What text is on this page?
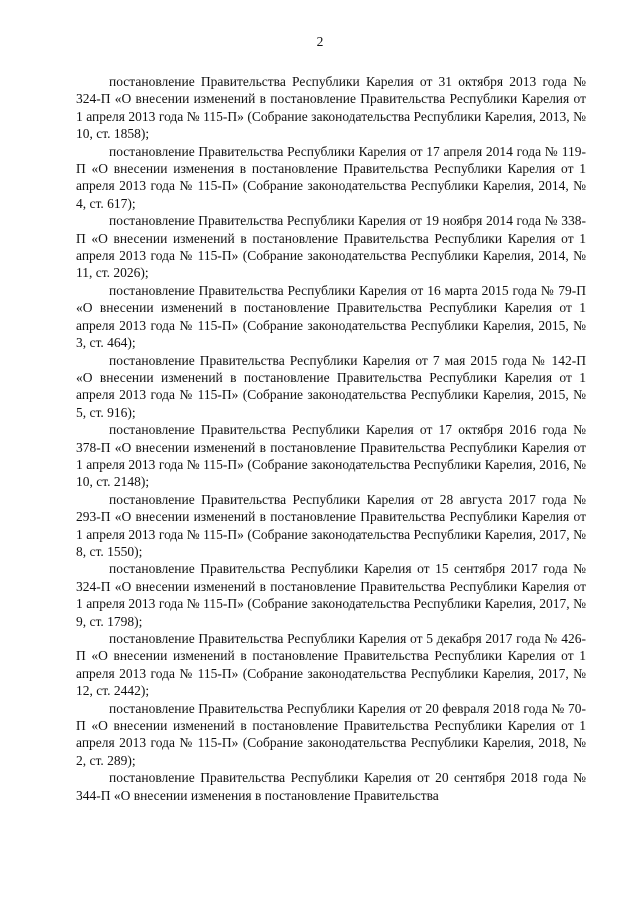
2

постановление Правительства Республики Карелия от 31 октября 2013 года № 324-П «О внесении изменений в постановление Правительства Республики Карелия от 1 апреля 2013 года № 115-П» (Собрание законодательства Республики Карелия, 2013, № 10, ст. 1858);

постановление Правительства Республики Карелия от 17 апреля 2014 года № 119-П «О внесении изменения в постановление Правительства Республики Карелия от 1 апреля 2013 года № 115-П» (Собрание законодательства Республики Карелия, 2014, № 4, ст. 617);

постановление Правительства Республики Карелия от 19 ноября 2014 года № 338-П «О внесении изменений в постановление Правительства Республики Карелия от 1 апреля 2013 года № 115-П» (Собрание законодательства Республики Карелия, 2014, № 11, ст. 2026);

постановление Правительства Республики Карелия от 16 марта 2015 года № 79-П «О внесении изменений в постановление Правительства Республики Карелия от 1 апреля 2013 года № 115-П» (Собрание законодательства Республики Карелия, 2015, № 3, ст. 464);

постановление Правительства Республики Карелия от 7 мая 2015 года № 142-П «О внесении изменений в постановление Правительства Республики Карелия от 1 апреля 2013 года № 115-П» (Собрание законодательства Республики Карелия, 2015, № 5, ст. 916);

постановление Правительства Республики Карелия от 17 октября 2016 года № 378-П «О внесении изменений в постановление Правительства Республики Карелия от 1 апреля 2013 года № 115-П» (Собрание законодательства Республики Карелия, 2016, № 10, ст. 2148);

постановление Правительства Республики Карелия от 28 августа 2017 года № 293-П «О внесении изменений в постановление Правительства Республики Карелия от 1 апреля 2013 года № 115-П» (Собрание законодательства Республики Карелия, 2017, № 8, ст. 1550);

постановление Правительства Республики Карелия от 15 сентября 2017 года № 324-П «О внесении изменений в постановление Правительства Республики Карелия от 1 апреля 2013 года № 115-П» (Собрание законодательства Республики Карелия, 2017, № 9, ст. 1798);

постановление Правительства Республики Карелия от 5 декабря 2017 года № 426-П «О внесении изменений в постановление Правительства Республики Карелия от 1 апреля 2013 года № 115-П» (Собрание законодательства Республики Карелия, 2017, № 12, ст. 2442);

постановление Правительства Республики Карелия от 20 февраля 2018 года № 70-П «О внесении изменений в постановление Правительства Республики Карелия от 1 апреля 2013 года № 115-П» (Собрание законодательства Республики Карелия, 2018, № 2, ст. 289);

постановление Правительства Республики Карелия от 20 сентября 2018 года № 344-П «О внесении изменения в постановление Правительства
